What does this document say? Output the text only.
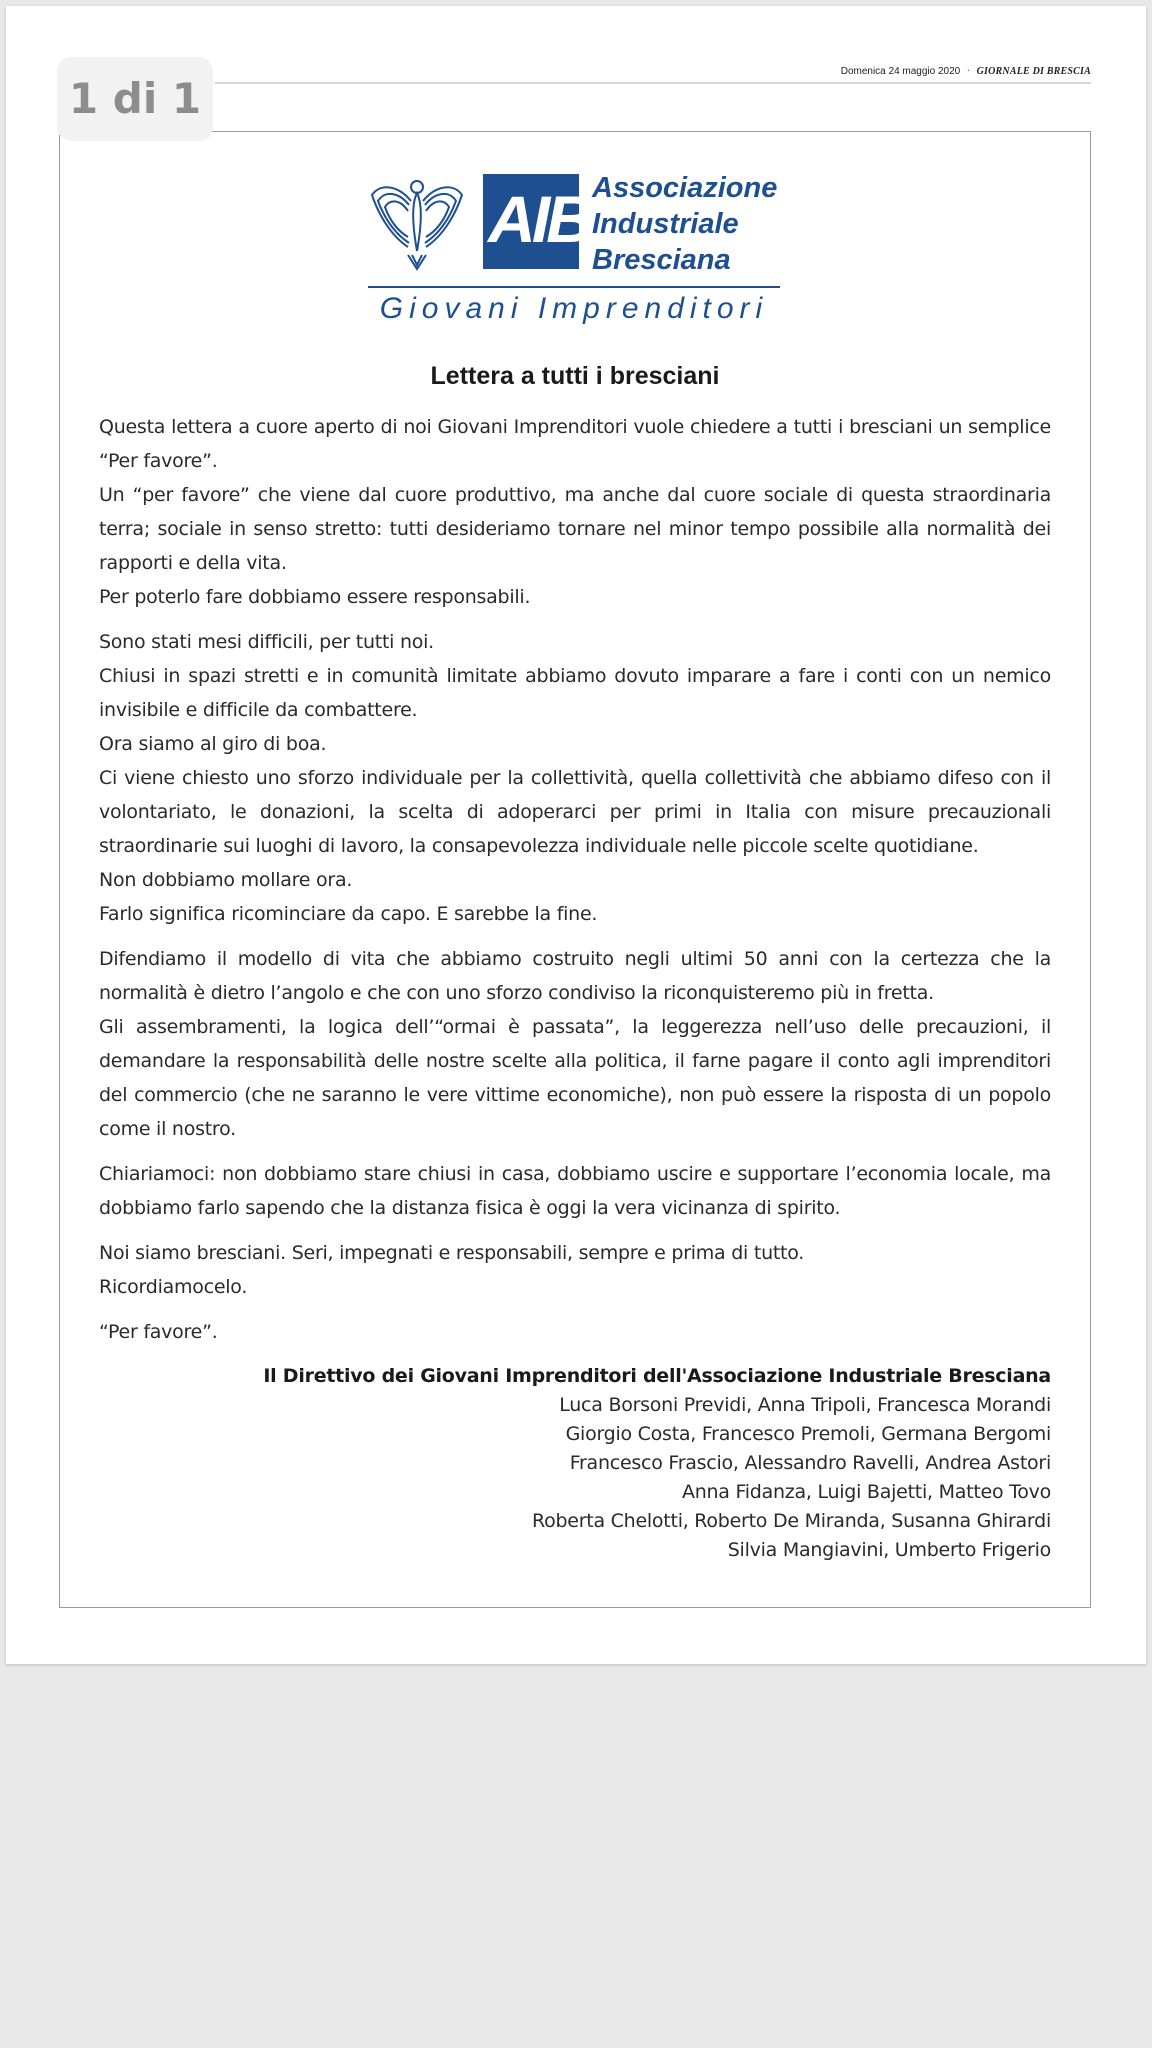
1 di 1
Domenica 24 maggio 2020 · GIORNALE DI BRESCIA
AIB Associazione
Industriale
Bresciana
Giovani Imprenditori
Lettera a tutti i bresciani

Questa lettera a cuore aperto di noi Giovani Imprenditori vuole chiedere a tutti i bresciani un semplice “Per favore”.
Un “per favore” che viene dal cuore produttivo, ma anche dal cuore sociale di questa straordinaria terra; sociale in senso stretto: tutti desideriamo tornare nel minor tempo possibile alla normalità dei rapporti e della vita.
Per poterlo fare dobbiamo essere responsabili.

Sono stati mesi difficili, per tutti noi.
Chiusi in spazi stretti e in comunità limitate abbiamo dovuto imparare a fare i conti con un nemico invisibile e difficile da combattere.
Ora siamo al giro di boa.
Ci viene chiesto uno sforzo individuale per la collettività, quella collettività che abbiamo difeso con il volontariato, le donazioni, la scelta di adoperarci per primi in Italia con misure precauzionali straordinarie sui luoghi di lavoro, la consapevolezza individuale nelle piccole scelte quotidiane.
Non dobbiamo mollare ora.
Farlo significa ricominciare da capo. E sarebbe la fine.

Difendiamo il modello di vita che abbiamo costruito negli ultimi 50 anni con la certezza che la normalità è dietro l’angolo e che con uno sforzo condiviso la riconquisteremo più in fretta.
Gli assembramenti, la logica dell’“ormai è passata”, la leggerezza nell’uso delle precauzioni, il demandare la responsabilità delle nostre scelte alla politica, il farne pagare il conto agli imprenditori del commercio (che ne saranno le vere vittime economiche), non può essere la risposta di un popolo come il nostro.

Chiariamoci: non dobbiamo stare chiusi in casa, dobbiamo uscire e supportare l’economia locale, ma dobbiamo farlo sapendo che la distanza fisica è oggi la vera vicinanza di spirito.

Noi siamo bresciani. Seri, impegnati e responsabili, sempre e prima di tutto.
Ricordiamocelo.

“Per favore”.

Il Direttivo dei Giovani Imprenditori dell'Associazione Industriale Bresciana
Luca Borsoni Previdi, Anna Tripoli, Francesca Morandi
Giorgio Costa, Francesco Premoli, Germana Bergomi
Francesco Frascio, Alessandro Ravelli, Andrea Astori
Anna Fidanza, Luigi Bajetti, Matteo Tovo
Roberta Chelotti, Roberto De Miranda, Susanna Ghirardi
Silvia Mangiavini, Umberto Frigerio
